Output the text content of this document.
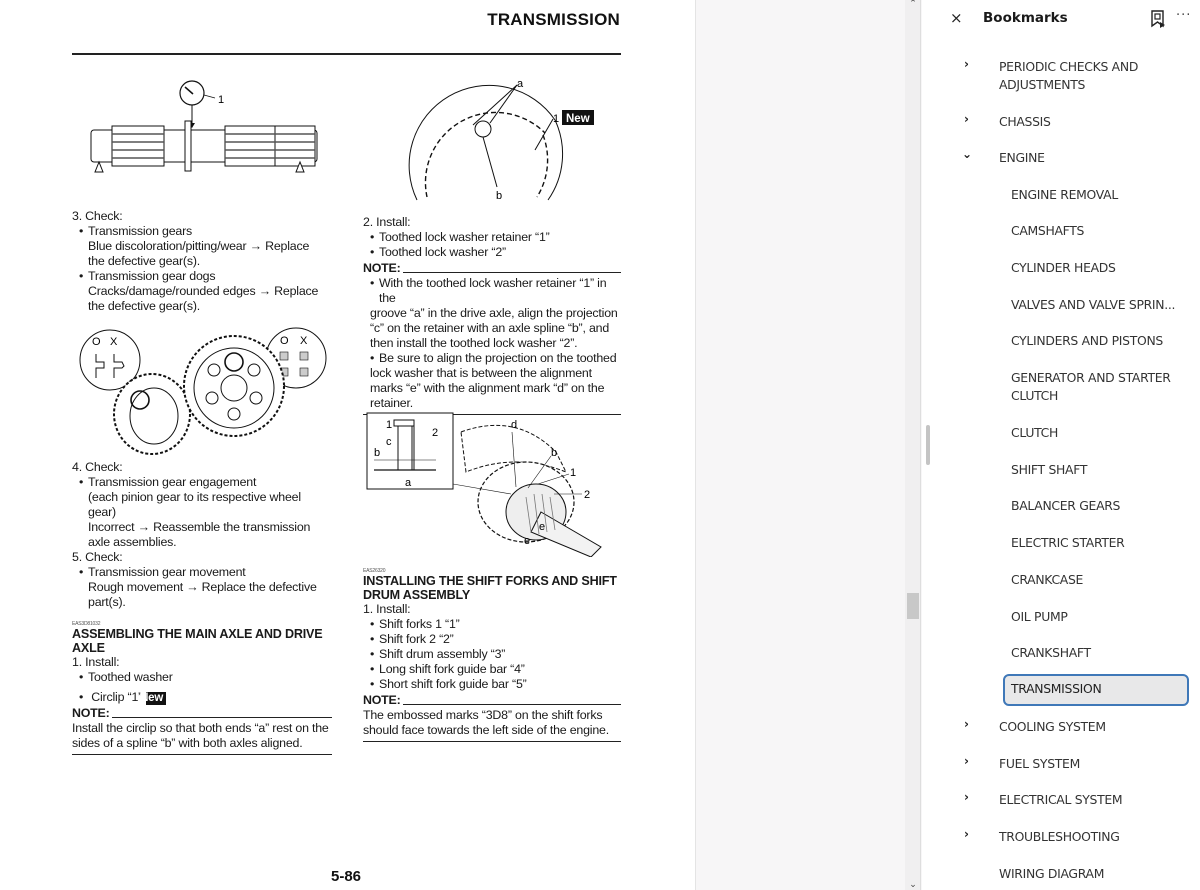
TRANSMISSION
1
3. Check:
• Transmission gears
Blue discoloration/pitting/wear → Replace
the defective gear(s).
• Transmission gear dogs
Cracks/damage/rounded edges → Replace
the defective gear(s).
O X	O X
4. Check:
• Transmission gear engagement
(each pinion gear to its respective wheel
gear)
Incorrect → Reassemble the transmission
axle assemblies.
5. Check:
• Transmission gear movement
Rough movement → Replace the defective
part(s).
EAS3D81032
ASSEMBLING THE MAIN AXLE AND DRIVE
AXLE
1. Install:
• Toothed washer
• Circlip “1”New
NOTE:
Install the circlip so that both ends “a” rest on the
sides of a spline “b” with both axles aligned.
a
b
1 New
2. Install:
• Toothed lock washer retainer “1”
• Toothed lock washer “2”
NOTE:
• With the toothed lock washer retainer “1” in the
groove “a” in the drive axle, align the projection
“c” on the retainer with an axle spline “b”, and
then install the toothed lock washer “2”.
• Be sure to align the projection on the toothed
lock washer that is between the alignment
marks “e” with the alignment mark “d” on the
retainer.
1
2
c
b
a
d
b
1
2
e
e
EAS26320
INSTALLING THE SHIFT FORKS AND SHIFT
DRUM ASSEMBLY
1. Install:
• Shift forks 1 “1”
• Shift fork 2 “2”
• Shift drum assembly “3”
• Long shift fork guide bar “4”
• Short shift fork guide bar “5”
NOTE:
The embossed marks “3D8” on the shift forks
should face towards the left side of the engine.
5-86
⌃
⌄
× Bookmarks	···
› PERIODIC CHECKS AND
ADJUSTMENTS
› CHASSIS
⌄ ENGINE
ENGINE REMOVAL
CAMSHAFTS
CYLINDER HEADS
VALVES AND VALVE SPRIN...
CYLINDERS AND PISTONS
GENERATOR AND STARTER
CLUTCH
CLUTCH
SHIFT SHAFT
BALANCER GEARS
ELECTRIC STARTER
CRANKCASE
OIL PUMP
CRANKSHAFT
TRANSMISSION
› COOLING SYSTEM
› FUEL SYSTEM
› ELECTRICAL SYSTEM
› TROUBLESHOOTING
WIRING DIAGRAM
